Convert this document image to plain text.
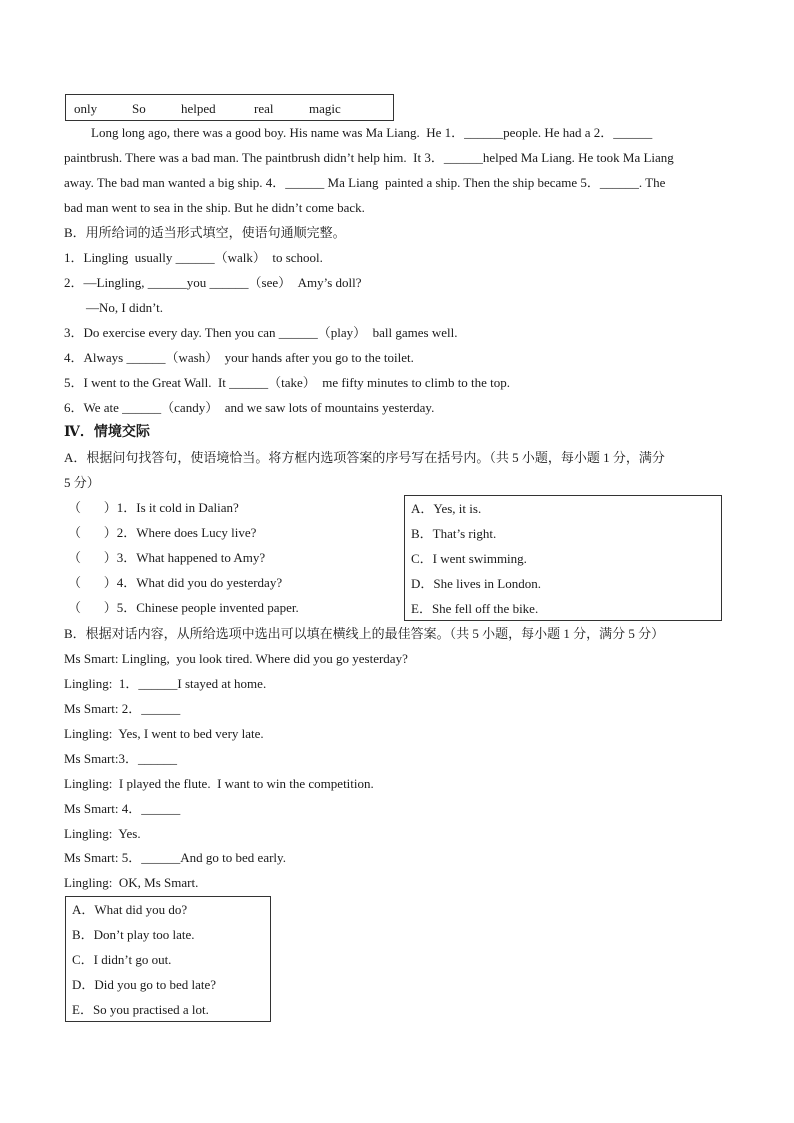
only	So	helped	real	magic
Long long ago, there was a good boy. His name was Ma Liang.  He 1．______people. He had a 2．______
paintbrush. There was a bad man. The paintbrush didn’t help him.  It 3．______helped Ma Liang. He took Ma Liang
away. The bad man wanted a big ship. 4．______ Ma Liang  painted a ship. Then the ship became 5．______. The
bad man went to sea in the ship. But he didn’t come back.
B．用所给词的适当形式填空，使语句通顺完整。
1．Lingling  usually ______（walk）  to school.
2．—Lingling, ______you ______（see）  Amy’s doll?
—No, I didn’t.
3．Do exercise every day. Then you can ______（play）  ball games well.
4．Always ______（wash）  your hands after you go to the toilet.
5．I went to the Great Wall.  It ______（take）  me fifty minutes to climb to the top.
6．We ate ______（candy）  and we saw lots of mountains yesterday.
Ⅳ．情境交际
A．根据问句找答句，使语境恰当。将方框内选项答案的序号写在括号内。（共 5 小题，每小题 1 分，满分
5 分）
（       ）1．Is it cold in Dalian?
（       ）2．Where does Lucy live?
（       ）3．What happened to Amy?
（       ）4．What did you do yesterday?
（       ）5．Chinese people invented paper.
A．Yes, it is.
B．That’s right.
C．I went swimming.
D．She lives in London.
E．She fell off the bike.
B．根据对话内容，从所给选项中选出可以填在横线上的最佳答案。（共 5 小题，每小题 1 分，满分 5 分）
Ms Smart: Lingling,  you look tired. Where did you go yesterday?
Lingling:  1．______I stayed at home.
Ms Smart: 2．______
Lingling:  Yes, I went to bed very late.
Ms Smart:3．______
Lingling:  I played the flute.  I want to win the competition.
Ms Smart: 4．______
Lingling:  Yes.
Ms Smart: 5．______And go to bed early.
Lingling:  OK, Ms Smart.
A．What did you do?
B．Don’t play too late.
C．I didn’t go out.
D．Did you go to bed late?
E．So you practised a lot.
